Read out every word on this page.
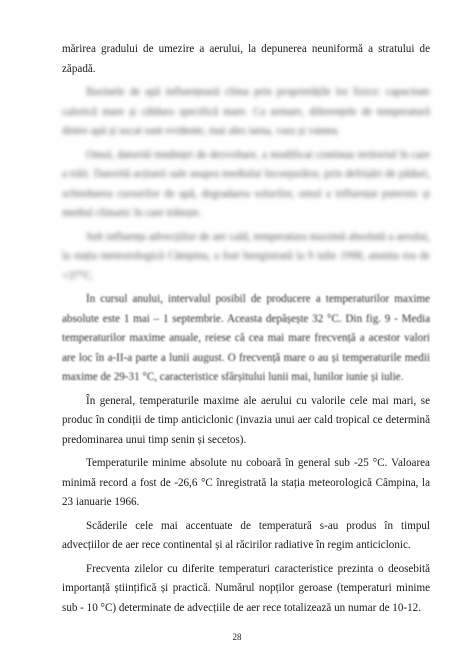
mărirea gradului de umezire a aerului, la depunerea neuniformă a stratului de zăpadă.

Bazinele de apă influențează clima prin proprietățile lor fizice: capacitate calorică mare și căldura specifică mare. Ca urmare, diferențele de temperatură dintre apă și uscat sunt evidente, mai ales iarna, vara și vamea.

Omul, datorită tendinței de dezvoltare, a modificat continuu teritoriul în care a trăit. Datorită acțiunii sale asupra mediului înconjurător, prin defrișări de păduri, schimbarea cursurilor de apă, degradarea solurilor, omul a influențat puternic și mediul climatic în care trăiește.

Sub influența advecțiilor de aer cald, temperatura maximă absolută a aerului, la stația meteorologică Câmpina, a fost înregistrată la 9 iulie 1998, atunita era de +37°C.

În cursul anului, intervalul posibil de producere a temperaturilor maxime absolute este 1 mai – 1 septembrie. Aceasta depășește 32 °C. Din fig. 9 - Media temperaturilor maxime anuale, reiese că cea mai mare frecvență a acestor valori are loc în a-II-a parte a lunii august. O frecvență mare o au și temperaturile medii maxime de 29-31 °C, caracteristice sfârșitului lunii mai, lunilor iunie și iulie.

În general, temperaturile maxime ale aerului cu valorile cele mai mari, se produc în condiții de timp anticiclonic (invazia unui aer cald tropical ce determină predominarea unui timp senin și secetos).

Temperaturile minime absolute nu coboară în general sub -25 °C. Valoarea minimă record a fost de -26,6 °C înregistrată la stația meteorologică Câmpina, la 23 ianuarie 1966.

Scăderile cele mai accentuate de temperatură s-au produs în timpul advecțiilor de aer rece continental și al răcirilor radiative în regim anticiclonic.

Frecventa zilelor cu diferite temperaturi caracteristice prezinta o deosebită importanță științifică și practică. Numărul nopților geroase (temperaturi minime sub - 10 °C) determinate de advecțiile de aer rece totalizează un numar de 10-12.

28
